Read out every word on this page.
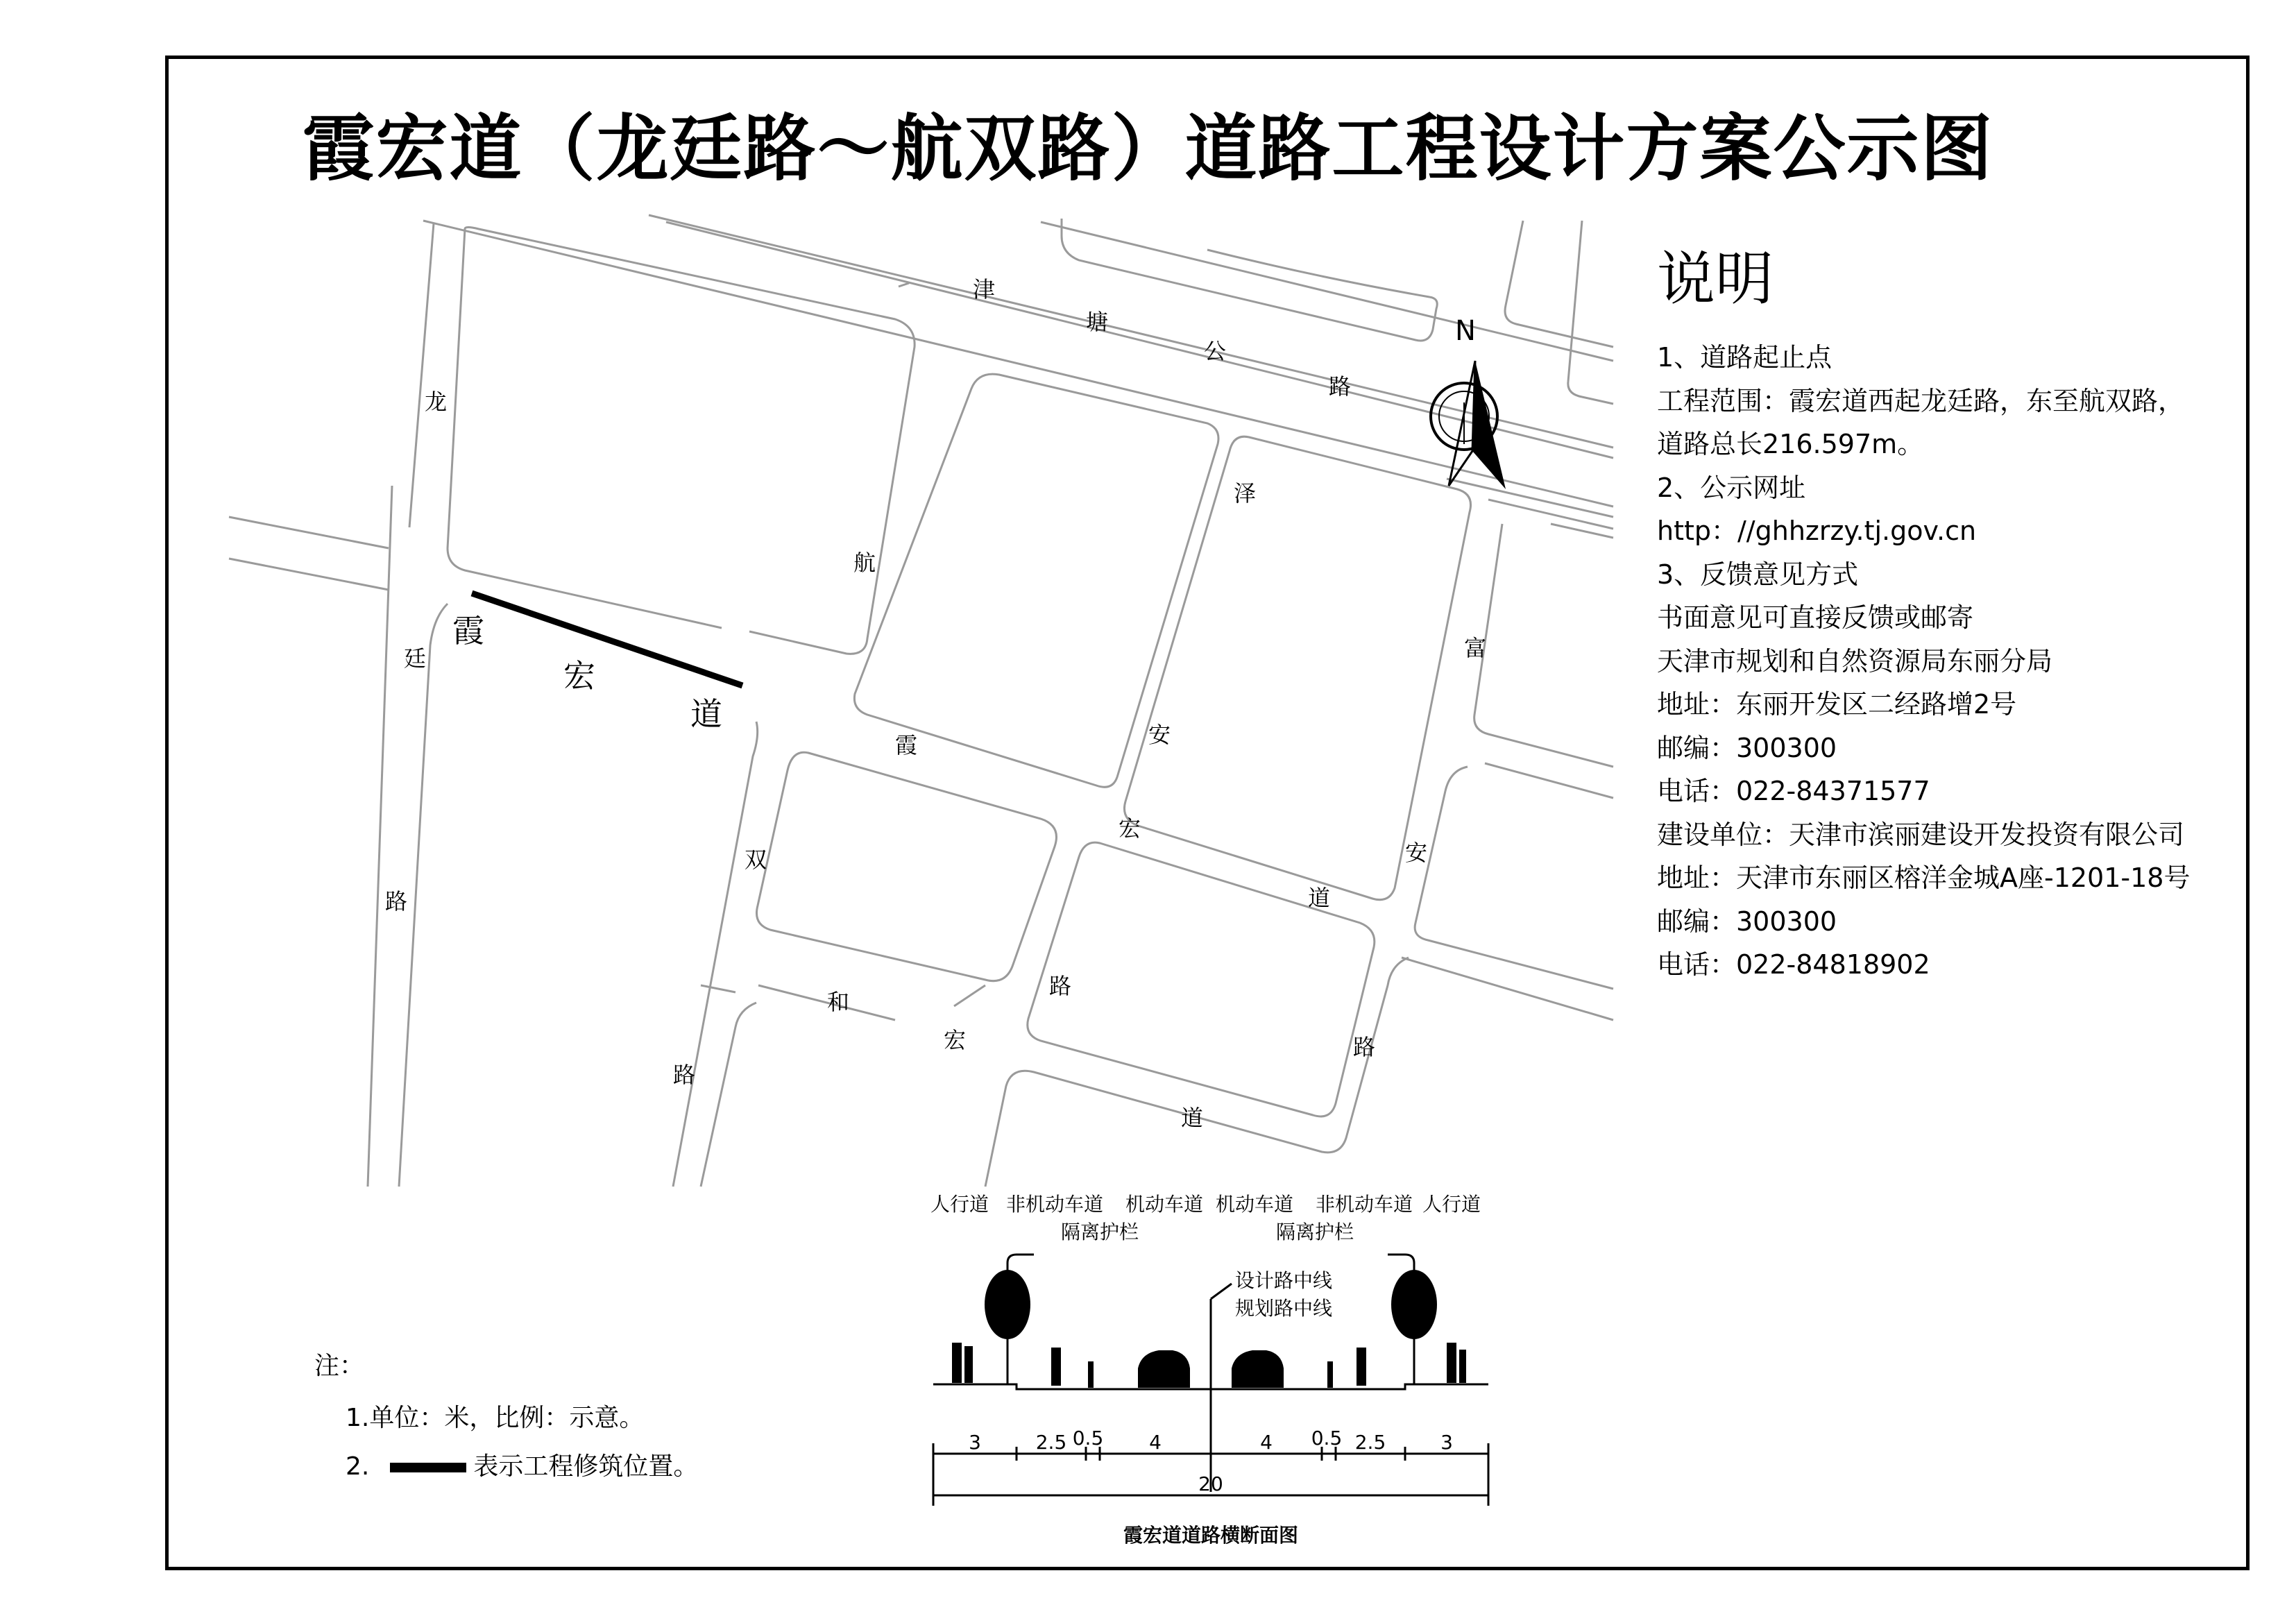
霞宏道（龙廷路～航双路）道路工程设计方案公示图
N
津
塘
公
路
龙
廷
路
霞
宏
道
航
双
路
泽
安
霞
宏
道
富
安
路
路
和
宏
道
人行道 非机动车道 机动车道 机动车道 非机动车道 人行道
隔离护栏	隔离护栏
设计路中线
规划路中线
3	2.5 0.5 4	4 0.5 2.5	3
20
霞宏道道路横断面图
说明
1、道路起止点
工程范围：霞宏道西起龙廷路，东至航双路，
道路总长216.597m。
2、公示网址
http：//ghhzrzy.tj.gov.cn
3、反馈意见方式
书面意见可直接反馈或邮寄
天津市规划和自然资源局东丽分局
地址：东丽开发区二经路增2号
邮编：300300
电话：022-84371577
建设单位：天津市滨丽建设开发投资有限公司
地址：天津市东丽区榕洋金城A座-1201-18号
邮编：300300
电话：022-84818902
注：
1.单位：米，比例：示意。
2.	表示工程修筑位置。
